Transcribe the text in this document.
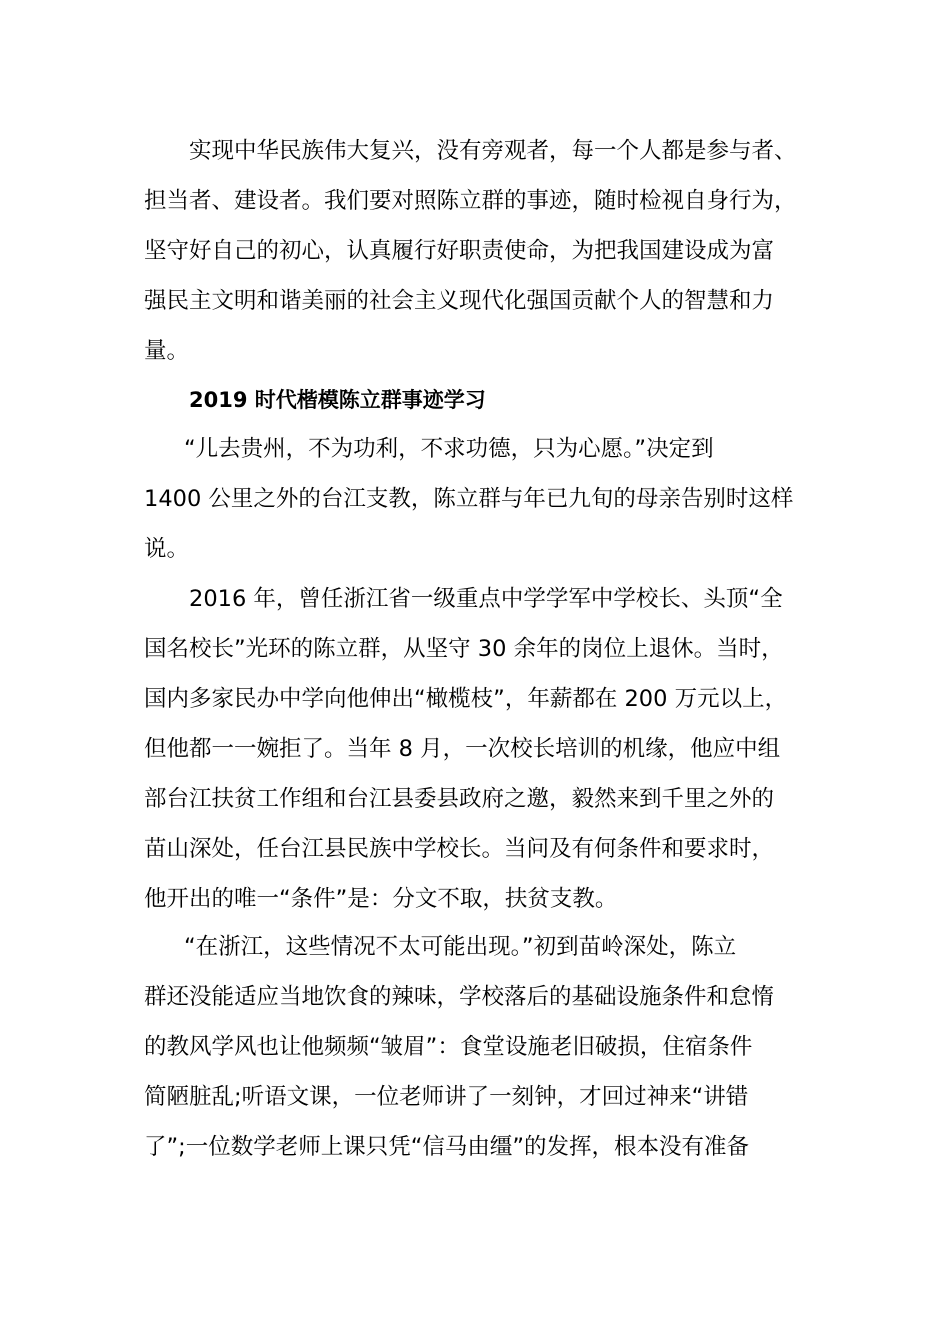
实现中华民族伟大复兴，没有旁观者，每一个人都是参与者、
担当者、建设者。我们要对照陈立群的事迹，随时检视自身行为，
坚守好自己的初心，认真履行好职责使命，为把我国建设成为富
强民主文明和谐美丽的社会主义现代化强国贡献个人的智慧和力
量。
2019 时代楷模陈立群事迹学习
“儿去贵州，不为功利，不求功德，只为心愿。”决定到
1400 公里之外的台江支教，陈立群与年已九旬的母亲告别时这样
说。
2016 年，曾任浙江省一级重点中学学军中学校长、头顶“全
国名校长”光环的陈立群，从坚守 30 余年的岗位上退休。当时，
国内多家民办中学向他伸出“橄榄枝”，年薪都在 200 万元以上，
但他都一一婉拒了。当年 8 月，一次校长培训的机缘，他应中组
部台江扶贫工作组和台江县委县政府之邀，毅然来到千里之外的
苗山深处，任台江县民族中学校长。当问及有何条件和要求时，
他开出的唯一“条件”是：分文不取，扶贫支教。
“在浙江，这些情况不太可能出现。”初到苗岭深处，陈立
群还没能适应当地饮食的辣味，学校落后的基础设施条件和怠惰
的教风学风也让他频频“皱眉”：食堂设施老旧破损，住宿条件
简陋脏乱;听语文课，一位老师讲了一刻钟，才回过神来“讲错
了”;一位数学老师上课只凭“信马由缰”的发挥，根本没有准备
